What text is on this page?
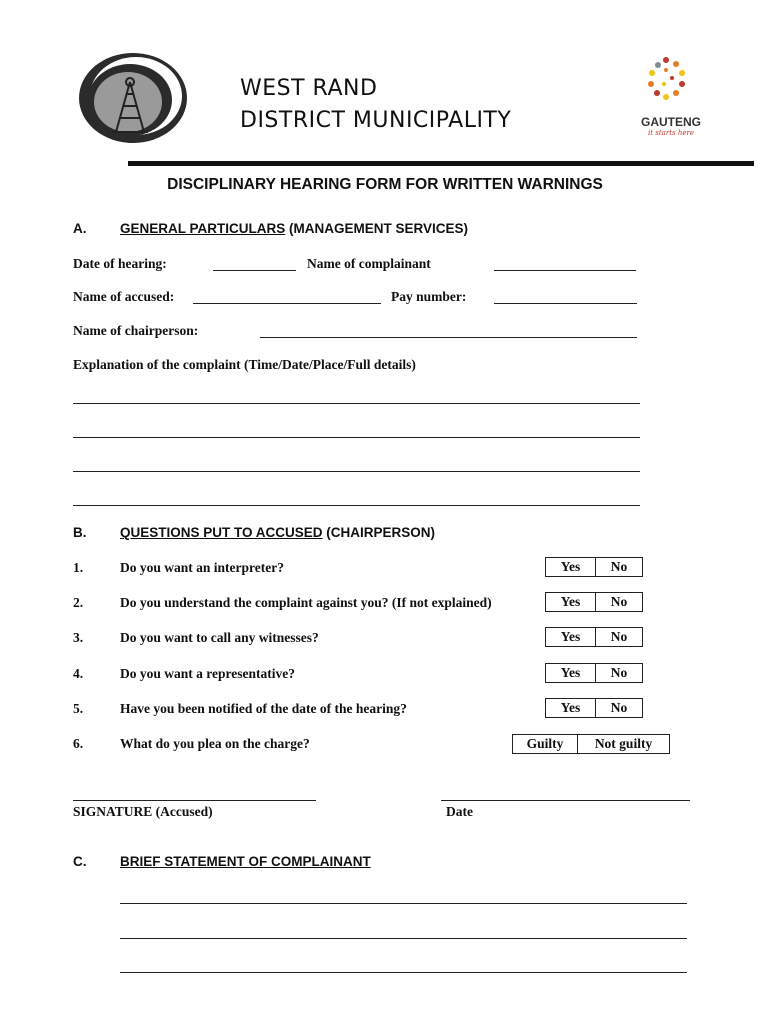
WEST RAND
DISTRICT MUNICIPALITY	GAUTENG
it starts here
DISCIPLINARY HEARING FORM FOR WRITTEN WARNINGS
A. GENERAL PARTICULARS (MANAGEMENT SERVICES)
Date of hearing:	Name of complainant
Name of accused:	Pay number:
Name of chairperson:
Explanation of the complaint (Time/Date/Place/Full details)
B. QUESTIONS PUT TO ACCUSED (CHAIRPERSON)
1.	Do you want an interpreter?	Yes	No
2.	Do you understand the complaint against you? (If not explained)	Yes	No
3.	Do you want to call any witnesses?	Yes	No
4.	Do you want a representative?	Yes	No
5.	Have you been notified of the date of the hearing?	Yes	No
6.	What do you plea on the charge?	Guilty	Not guilty
SIGNATURE (Accused)	Date
C. BRIEF STATEMENT OF COMPLAINANT
